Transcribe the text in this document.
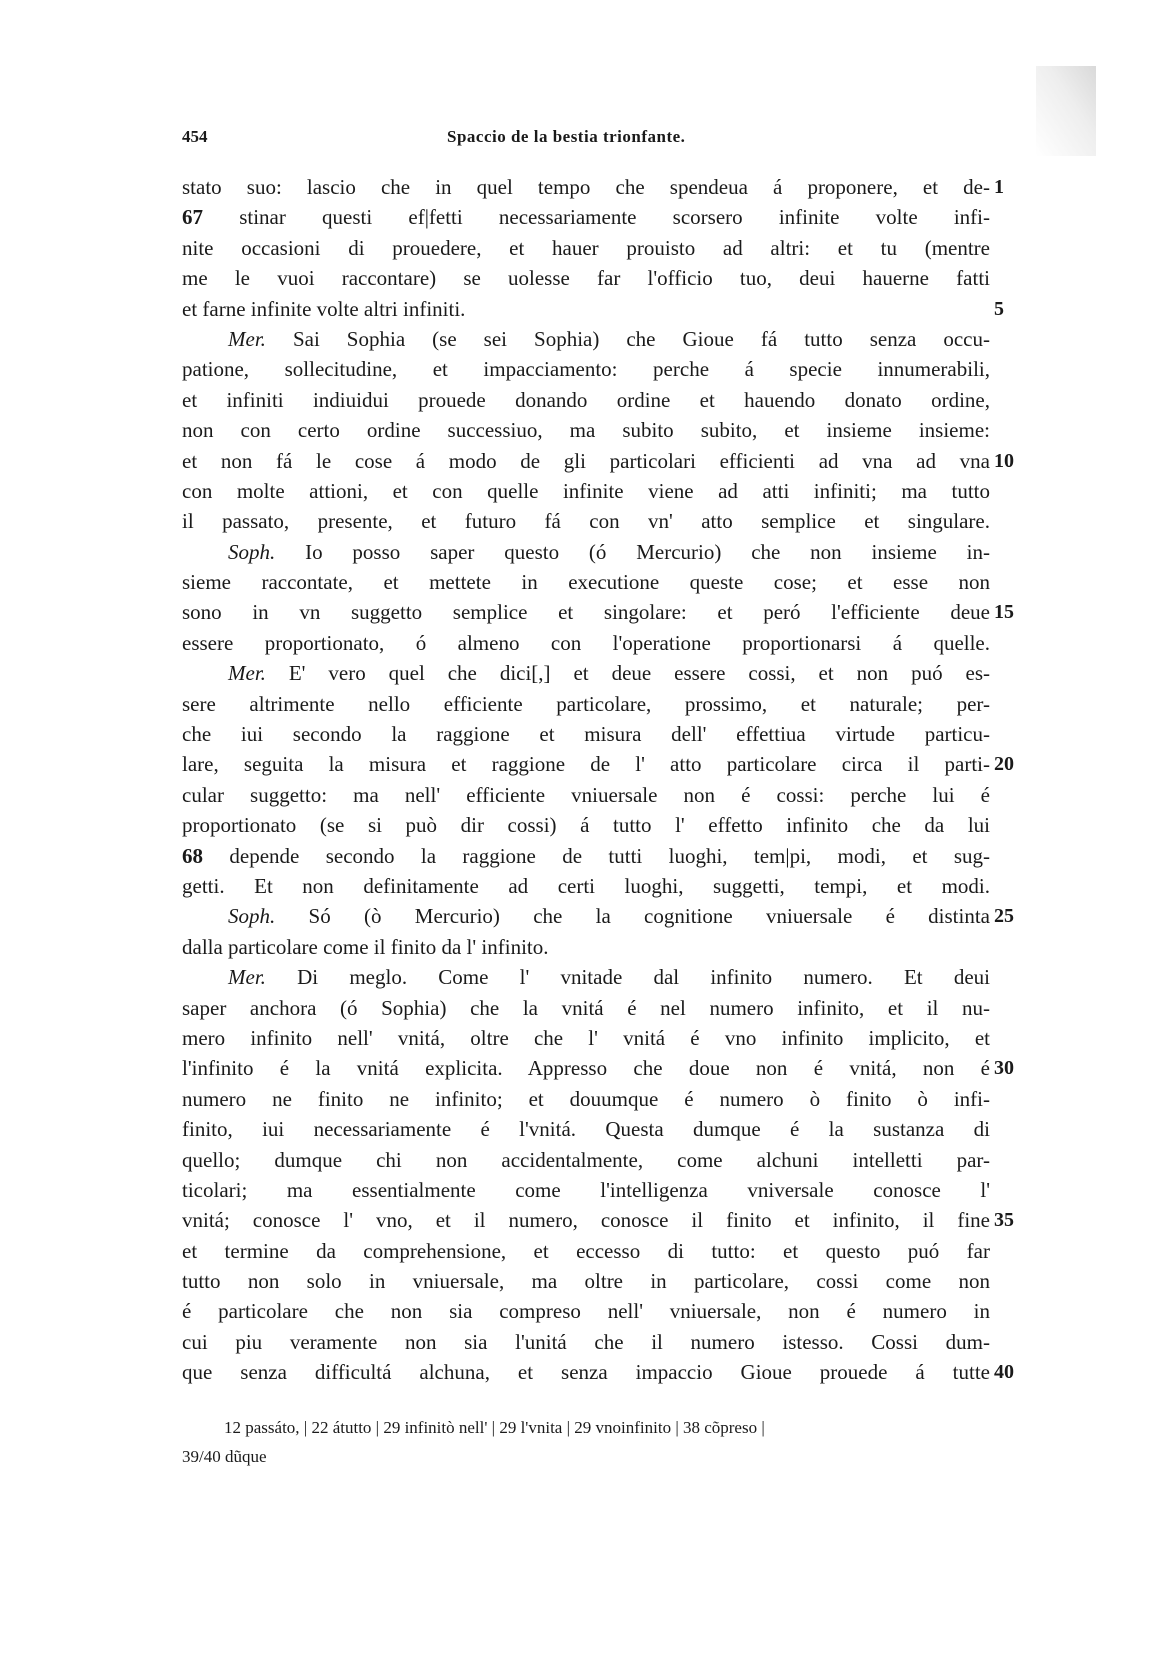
454	Spaccio de la bestia trionfante.
stato suo: lascio che in quel tempo che spendeua á proponere, et de- 1
67 stinar questi ef|fetti necessariamente scorsero infinite volte infi-
nite occasioni di prouedere, et hauer prouisto ad altri: et tu (mentre
me le vuoi raccontare) se uolesse far l'officio tuo, deui hauerne fatti
et farne infinite volte altri infiniti.	5
Mer. Sai Sophia (se sei Sophia) che Gioue fá tutto senza occu-
patione, sollecitudine, et impacciamento: perche á specie innumerabili,
et infiniti indiuidui prouede donando ordine et hauendo donato ordine,
non con certo ordine successiuo, ma subito subito, et insieme insieme:
et non fá le cose á modo de gli particolari efficienti ad vna ad vna 10
con molte attioni, et con quelle infinite viene ad atti infiniti; ma tutto
il passato, presente, et futuro fá con vn' atto semplice et singulare.
Soph. Io posso saper questo (ó Mercurio) che non insieme in-
sieme raccontate, et mettete in executione queste cose; et esse non
sono in vn suggetto semplice et singolare: et peró l'efficiente deue 15
essere proportionato, ó almeno con l'operatione proportionarsi á quelle.
Mer. E' vero quel che dici[,] et deue essere cossi, et non puó es-
sere altrimente nello efficiente particolare, prossimo, et naturale; per-
che iui secondo la raggione et misura dell' effettiua virtude particu-
lare, seguita la misura et raggione de l' atto particolare circa il parti- 20
cular suggetto: ma nell' efficiente vniuersale non é cossi: perche lui é
proportionato (se si può dir cossi) á tutto l' effetto infinito che da lui
68 depende secondo la raggione de tutti luoghi, tem|pi, modi, et sug-
getti. Et non definitamente ad certi luoghi, suggetti, tempi, et modi.
Soph. Só (ò Mercurio) che la cognitione vniuersale é distinta 25
dalla particolare come il finito da l' infinito.
Mer. Di meglo. Come l' vnitade dal infinito numero. Et deui
saper anchora (ó Sophia) che la vnitá é nel numero infinito, et il nu-
mero infinito nell' vnitá, oltre che l' vnitá é vno infinito implicito, et
l'infinito é la vnitá explicita. Appresso che doue non é vnitá, non é 30
numero ne finito ne infinito; et douumque é numero ò finito ò infi-
finito, iui necessariamente é l'vnitá. Questa dumque é la sustanza di
quello; dumque chi non accidentalmente, come alchuni intelletti par-
ticolari; ma essentialmente come l'intelligenza vniversale conosce l'
vnitá; conosce l' vno, et il numero, conosce il finito et infinito, il fine 35
et termine da comprehensione, et eccesso di tutto: et questo puó far
tutto non solo in vniuersale, ma oltre in particolare, cossi come non
é particolare che non sia compreso nell' vniuersale, non é numero in
cui piu veramente non sia l'unitá che il numero istesso. Cossi dum-
que senza difficultá alchuna, et senza impaccio Gioue prouede á tutte 40
12 passáto, | 22 átutto | 29 infinitò nell' | 29 l'vnita | 29 vnoinfinito | 38 cõpreso |
39/40 dũque
